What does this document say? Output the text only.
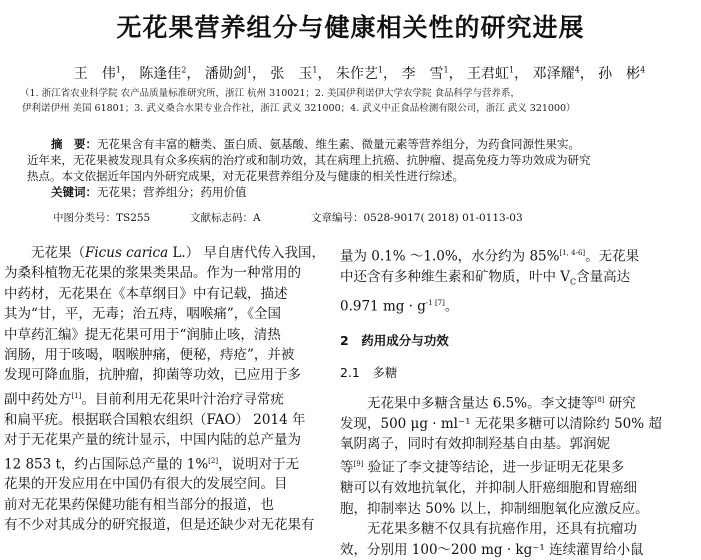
无花果营养组分与健康相关性的研究进展
王　伟$^1$， 陈逢佳$^2$， 潘勋剑$^1$， 张　玉$^1$， 朱作艺$^1$， 李　雪$^1$， 王君虹$^1$， 邓泽耀$^4$， 孙　彬$^4$
（1. 浙江省农业科学院 农产品质量标准研究所，浙江 杭州 310021；2. 美国伊利诺伊大学农学院 食品科学与营养系，
伊利诺伊州 美国 61801；3. 武义桑合水果专业合作社，浙江 武义 321000；4. 武义中正食品检测有限公司，浙江 武义 321000）
摘　要：无花果含有丰富的糖类、蛋白质、氨基酸、维生素、微量元素等营养组分，为药食同源性果实。
近年来，无花果被发现具有众多疾病的治疗或和制功效，其在病理上抗癌、抗肿瘤、提高免疫力等功效成为研究
热点。本文依据近年国内外研究成果，对无花果营养组分及与健康的相关性进行综述。
关键词：无花果；营养组分；药用价值
中图分类号：TS255	文献标志码：A	文章编号：0528-9017( 2018) 01-0113-03
　　无花果（Ficus carica L.） 早自唐代传入我国，
为桑科植物无花果的浆果类果品。作为一种常用的
中药材，无花果在《本草纲目》中有记载，描述
其为“甘，平，无毒；治五痔，咽喉痛”，《全国
中草药汇编》提无花果可用于“润肺止咳，清热
润肠，用于咳喝，咽喉肿痛，便秘，痔疮”，并被
发现可降血脂，抗肿瘤，抑菌等功效，已应用于多
副中药处方[1]。目前利用无花果叶汁治疗寻常疣
和扁平疣。根据联合国粮农组织（FAO） 2014 年
对于无花果产量的统计显示，中国内陆的总产量为
12 853 t，约占国际总产量的 1%[2]，说明对于无
花果的开发应用在中国仍有很大的发展空间。目
前对无花果药保健功能有相当部分的报道，也
有不少对其成分的研究报道，但是还缺少对无花果有
量为 0.1% ～1.0%，水分约为 85%[1, 4-6]。无花果
中还含有多种维生素和矿物质，叶中 $V_C$含量高达
0.971 mg · $g^{-1 [7]}$。
2　药用成分与功效
2.1　多糖
　　无花果中多糖含量达 6.5%。李文捷等[8] 研究
发现，500 μg · ml⁻¹ 无花果多糖可以清除约 50% 超
氧阴离子，同时有效抑制羟基自由基。郭润妮
等[9] 验证了李文捷等结论，进一步证明无花果多
糖可以有效地抗氧化，并抑制人肝癌细胞和胃癌细
胞，抑制率达 50% 以上，抑制细胞氧化应激反应。
　　无花果多糖不仅具有抗癌作用，还具有抗瘤功
效，分别用 100～200 mg · kg⁻¹ 连续灌胃给小鼠
